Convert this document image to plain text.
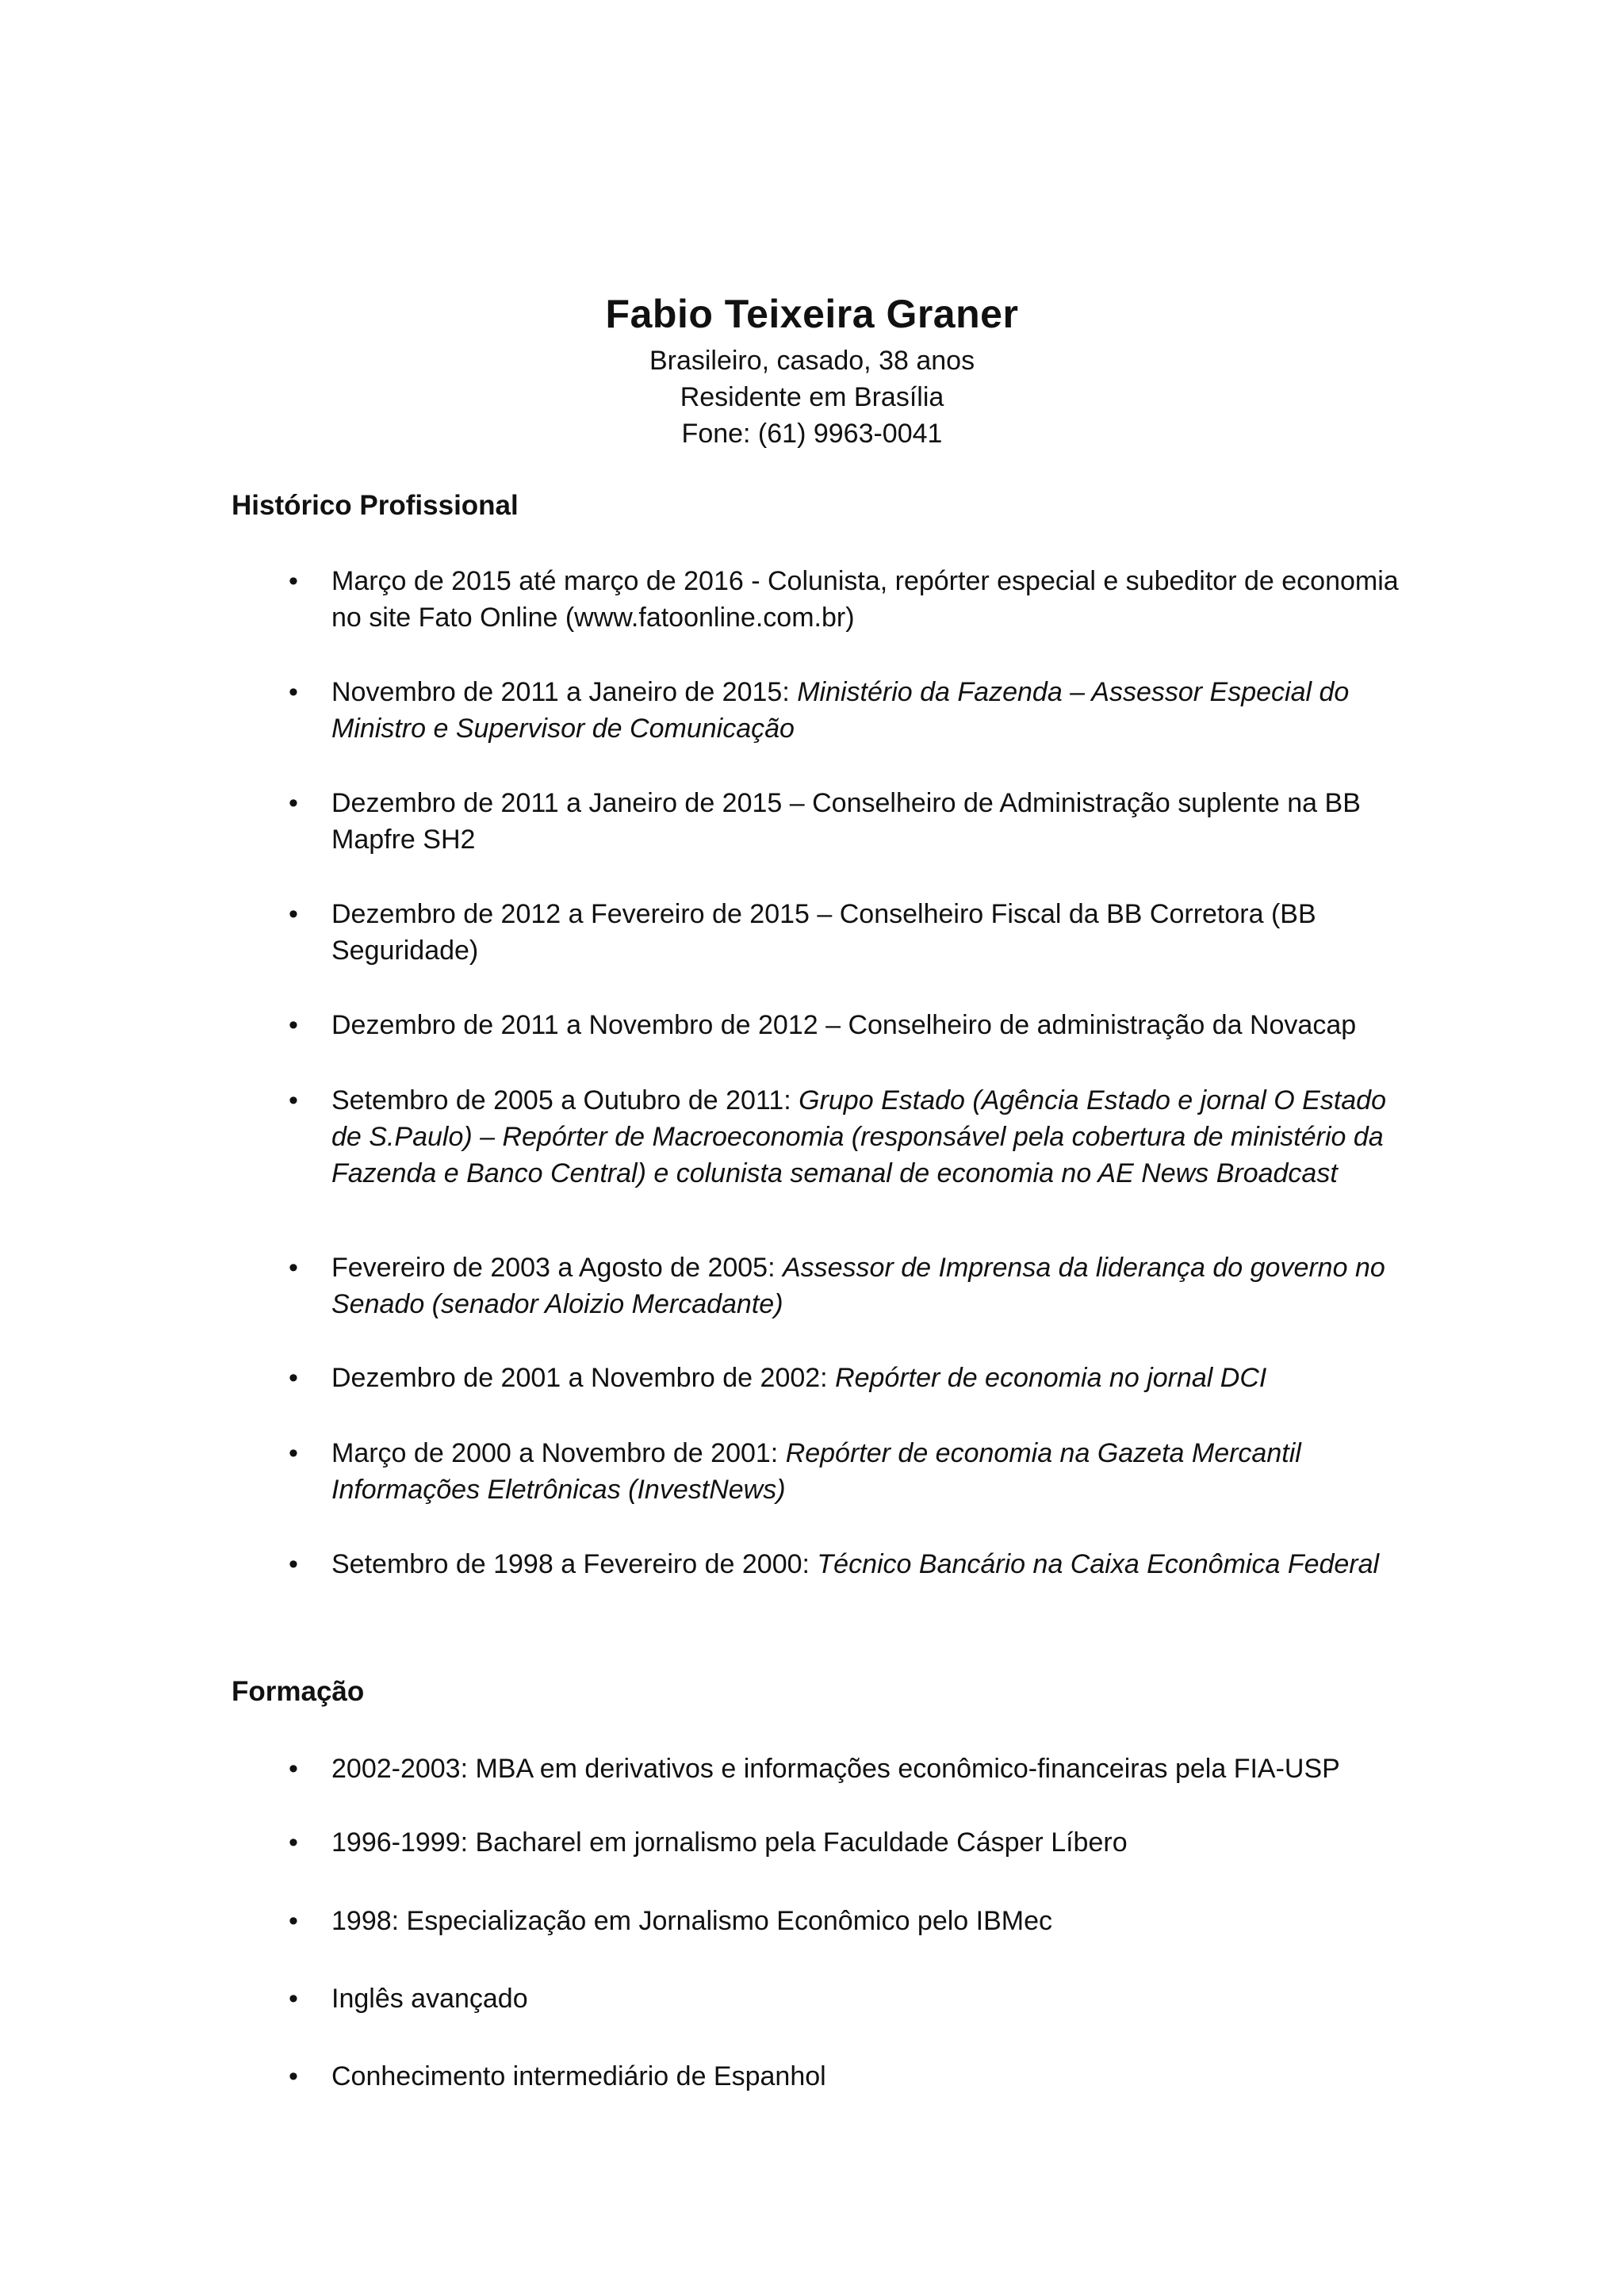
Fabio Teixeira Graner

Brasileiro, casado, 38 anos

Residente em Brasília

Fone: (61) 9963-0041

Histórico Profissional

• Março de 2015 até março de 2016 - Colunista, repórter especial e subeditor de economia no site Fato Online (www.fatoonline.com.br)
• Novembro de 2011 a Janeiro de 2015: Ministério da Fazenda – Assessor Especial do Ministro e Supervisor de Comunicação
• Dezembro de 2011 a Janeiro de 2015 – Conselheiro de Administração suplente na BB Mapfre SH2
• Dezembro de 2012 a Fevereiro de 2015 – Conselheiro Fiscal da BB Corretora (BB Seguridade)
• Dezembro de 2011 a Novembro de 2012 – Conselheiro de administração da Novacap
• Setembro de 2005 a Outubro de 2011: Grupo Estado (Agência Estado e jornal O Estado de S.Paulo) – Repórter de Macroeconomia (responsável pela cobertura de ministério da Fazenda e Banco Central) e colunista semanal de economia no AE News Broadcast
• Fevereiro de 2003 a Agosto de 2005: Assessor de Imprensa da liderança do governo no Senado (senador Aloizio Mercadante)
• Dezembro de 2001 a Novembro de 2002: Repórter de economia no jornal DCI
• Março de 2000 a Novembro de 2001: Repórter de economia na Gazeta Mercantil Informações Eletrônicas (InvestNews)
• Setembro de 1998 a Fevereiro de 2000: Técnico Bancário na Caixa Econômica Federal

Formação

• 2002-2003: MBA em derivativos e informações econômico-financeiras pela FIA-USP
• 1996-1999: Bacharel em jornalismo pela Faculdade Cásper Líbero
• 1998: Especialização em Jornalismo Econômico pelo IBMec
• Inglês avançado
• Conhecimento intermediário de Espanhol
